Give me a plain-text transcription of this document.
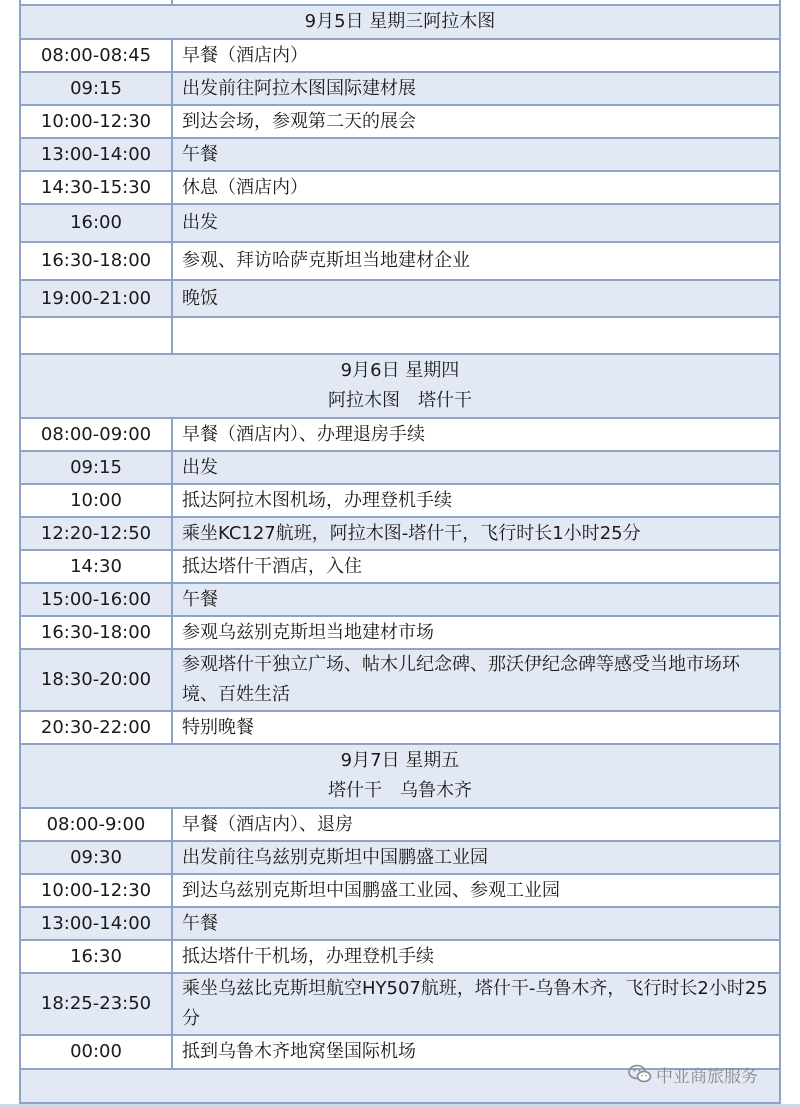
9月5日 星期三阿拉木图	

08:00-08:45	早餐（酒店内）
09:15	出发前往阿拉木图国际建材展
10:00-12:30	到达会场，参观第二天的展会
13:00-14:00	午餐
14:30-15:30	休息（酒店内）
16:00	出发
16:30-18:00	参观、拜访哈萨克斯坦当地建材企业
19:00-21:00	晚饭

9月6日 星期四
阿拉木图　塔什干	

08:00-09:00	早餐（酒店内）、办理退房手续
09:15	出发
10:00	抵达阿拉木图机场，办理登机手续
12:20-12:50	乘坐KC127航班，阿拉木图-塔什干，飞行时长1小时25分
14:30	抵达塔什干酒店，入住
15:00-16:00	午餐
16:30-18:00	参观乌兹别克斯坦当地建材市场
18:30-20:00	参观塔什干独立广场、帖木儿纪念碑、那沃伊纪念碑等感受当地市场环境、百姓生活
20:30-22:00	特别晚餐

9月7日 星期五
塔什干　乌鲁木齐	

08:00-9:00	早餐（酒店内）、退房
09:30	出发前往乌兹别克斯坦中国鹏盛工业园
10:00-12:30	到达乌兹别克斯坦中国鹏盛工业园、参观工业园
13:00-14:00	午餐
16:30	抵达塔什干机场，办理登机手续
18:25-23:50	乘坐乌兹比克斯坦航空HY507航班，塔什干-乌鲁木齐，飞行时长2小时25分
00:00	抵到乌鲁木齐地窝堡国际机场

中亚商旅服务
